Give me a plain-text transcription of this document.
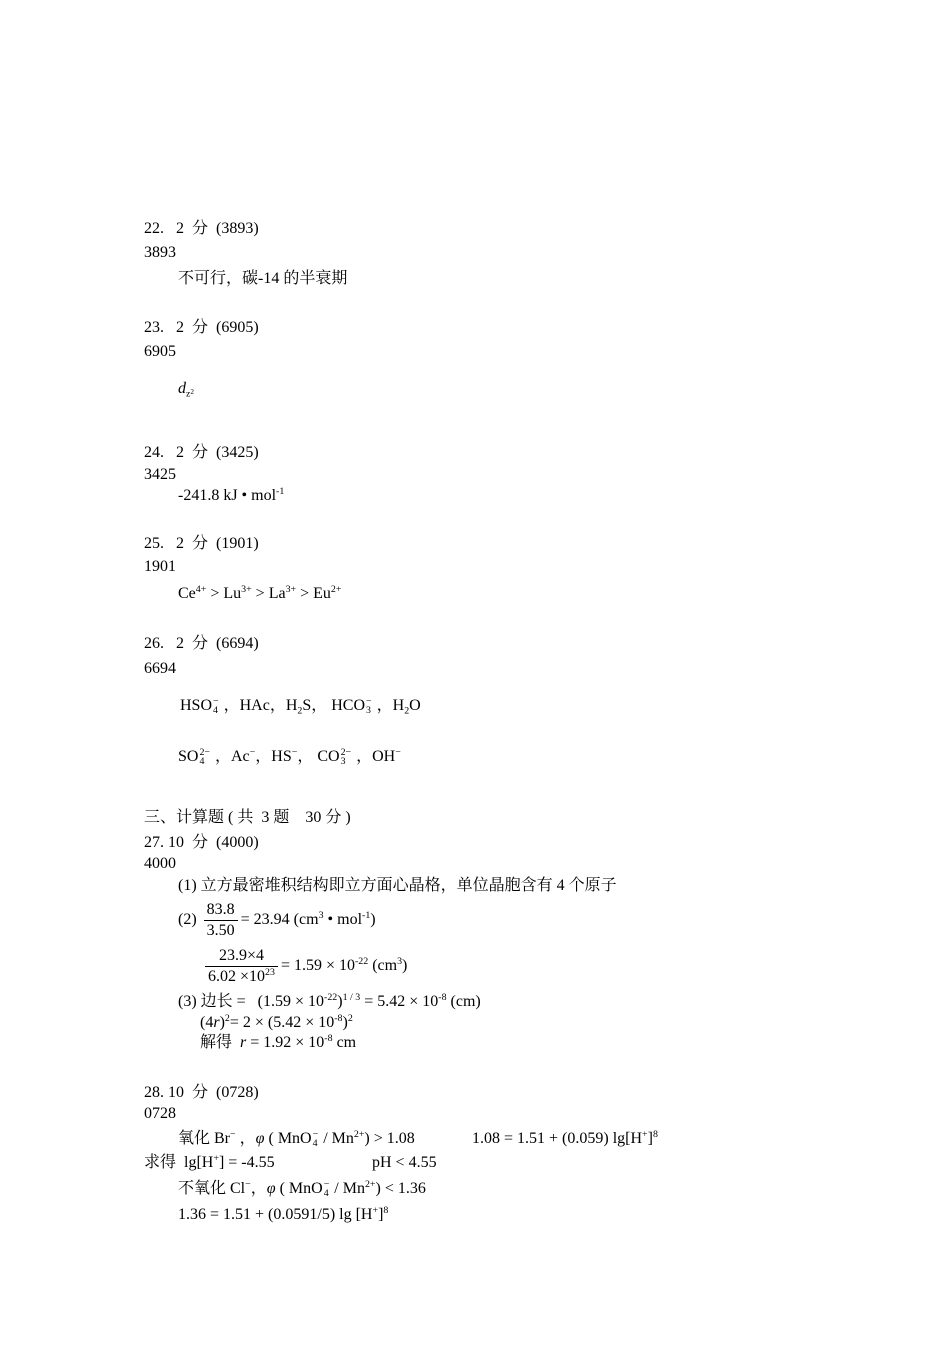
22.   2  分  (3893)
3893
不可行，碳-14 的半衰期
23.   2  分  (6905)
6905
$d_z2$
24.   2  分  (3425)
3425
-241.8 kJ • mol$^{-1}$
25.   2  分  (1901)
1901
$Ce^{4+} > Lu^{3+} > La^{3+} > Eu^{2+}$
26.   2  分  (6694)
6694
HSO −
4 ，HAc，$H_2S$， HCO −
3 ，$H_2O$
SO 2−
4 ，Ac−，HS−， CO 2−
3 ，OH−
三、计算题 ( 共  3 题    30 分 )
27. 10  分  (4000)
4000
(1) 立方最密堆积结构即立方面心晶格，单位晶胞含有 4 个原子
$(2) \frac{83.8}{3.50} = 23.94$ ($cm^3$ • mol$^{-1}$)
$\frac{23.9\times 4}{6.02 \times 10^{23}} = 1.59 \times 10^{-22}$ $(cm^3)$
(3) 边长 =   $(1.59 \times 10^{-22})^{1 / 3} = 5.42 \times 10^{-8}$ (cm)
$(4r)^2= 2 \times (5.42 \times 10^{-8})^2$
解得  $r = 1.92 \times 10^{-8}$ cm
28. 10  分  (0728)
0728
氧化 Br− ，φ ( MnO −
$4 / Mn^{2+}) > 1.08$	1.08 = 1.51 + (0.059) $\lg[H^+]^8$
求得  lg[H+] = -4.55	pH < 4.55
不氧化 Cl−，φ ( MnO −
$4 / Mn^{2+}) < 1.36$
1.36 = 1.51 + (0.0591/5) $\lg [H^+]^8$
